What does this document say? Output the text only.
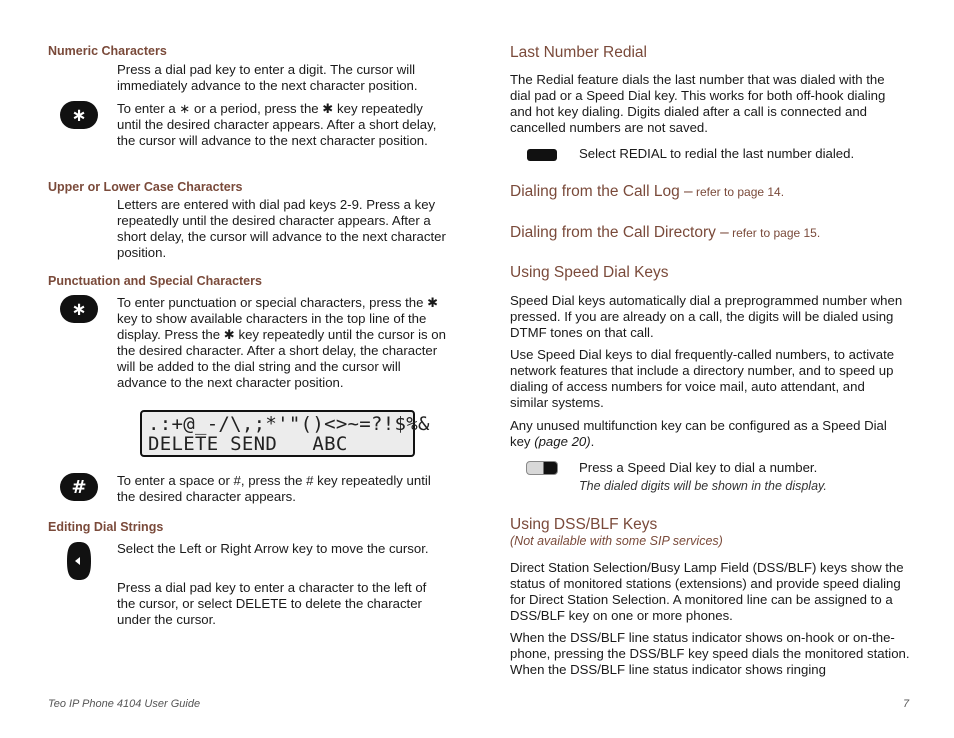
Numeric Characters
Press a dial pad key to enter a digit. The cursor will immediately advance to the next character position.
∗ To enter a ∗ or a period, press the ✱ key repeatedly until the desired character appears. After a short delay, the cursor will advance to the next character position.
Upper or Lower Case Characters
Letters are entered with dial pad keys 2-9. Press a key repeatedly until the desired character appears. After a short delay, the cursor will advance to the next character position.
Punctuation and Special Characters
∗ To enter punctuation or special characters, press the ✱ key to show available characters in the top line of the display. Press the ✱ key repeatedly until the cursor is on the desired character. After a short delay, the character will be added to the dial string and the cursor will advance to the next character position.
.:+@_-/\,;*'"()<>~=?!$%&
DELETE SEND   ABC
# To enter a space or #, press the # key repeatedly until the desired character appears.
Editing Dial Strings
Select the Left or Right Arrow key to move the cursor.
Press a dial pad key to enter a character to the left of the cursor, or select DELETE to delete the character under the cursor.
Last Number Redial
The Redial feature dials the last number that was dialed with the dial pad or a Speed Dial key. This works for both off-hook dialing and hot key dialing. Digits dialed after a call is connected and cancelled numbers are not saved.
Select REDIAL to redial the last number dialed.
Dialing from the Call Log – refer to page 14.
Dialing from the Call Directory – refer to page 15.
Using Speed Dial Keys
Speed Dial keys automatically dial a preprogrammed number when pressed. If you are already on a call, the digits will be dialed using DTMF tones on that call.
Use Speed Dial keys to dial frequently-called numbers, to activate network features that include a directory number, and to speed up dialing of access numbers for voice mail, auto attendant, and similar systems.
Any unused multifunction key can be configured as a Speed Dial key (page 20).
Press a Speed Dial key to dial a number.
The dialed digits will be shown in the display.
Using DSS/BLF Keys
(Not available with some SIP services)
Direct Station Selection/Busy Lamp Field (DSS/BLF) keys show the status of monitored stations (extensions) and provide speed dialing for Direct Station Selection. A monitored line can be assigned to a DSS/BLF key on one or more phones.
When the DSS/BLF line status indicator shows on-hook or on-the-phone, pressing the DSS/BLF key speed dials the monitored station. When the DSS/BLF line status indicator shows ringing
Teo IP Phone 4104 User Guide	7
